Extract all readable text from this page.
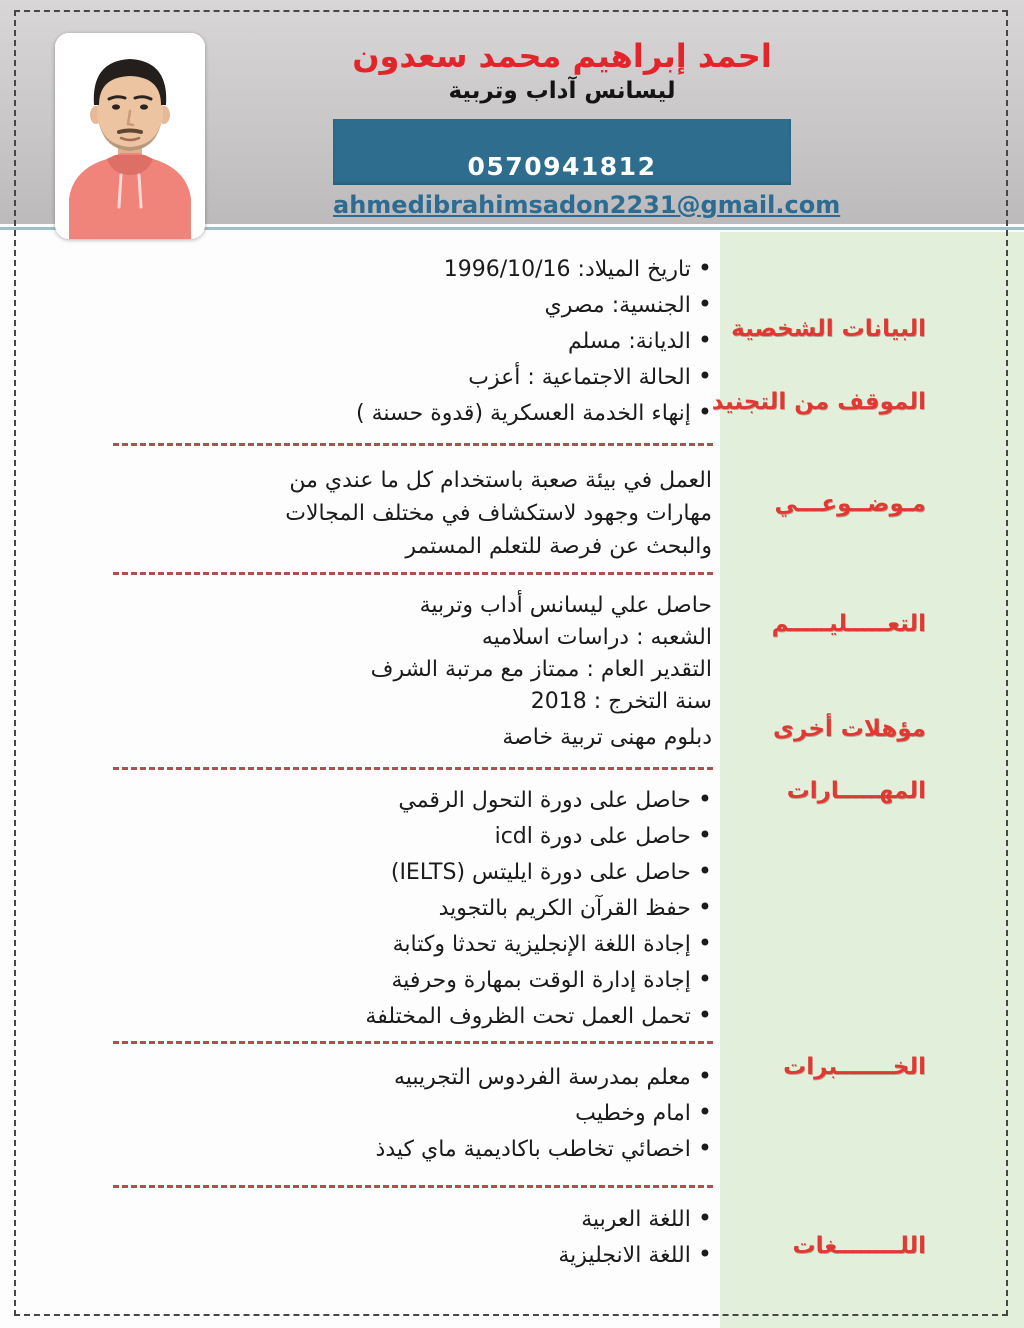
احمد إبراهيم محمد سعدون
ليسانس آداب وتربية
0570941812
ahmedibrahimsadon2231@gmail.com
البيانات الشخصية
الموقف من التجنيد
مـوضــوعـــي
التعـــــليـــــم
مؤهلات أخرى
المهـــــارات
الخـــــــبرات
اللــــــــغات
• تاريخ الميلاد: 1996/10/16
• الجنسية: مصري
• الديانة: مسلم
• الحالة الاجتماعية : أعزب
• إنهاء الخدمة العسكرية (قدوة حسنة )
العمل في بيئة صعبة باستخدام كل ما عندي من
مهارات وجهود لاستكشاف في مختلف المجالات
والبحث عن فرصة للتعلم المستمر
حاصل علي ليسانس أداب وتربية
الشعبه : دراسات اسلاميه
التقدير العام : ممتاز مع مرتبة الشرف
سنة التخرج : 2018
دبلوم مهنى تربية خاصة
• حاصل على دورة التحول الرقمي
• حاصل على دورة icdl
• حاصل على دورة ايليتس (IELTS)
• حفظ القرآن الكريم بالتجويد
• إجادة اللغة الإنجليزية تحدثا وكتابة
• إجادة إدارة الوقت بمهارة وحرفية
• تحمل العمل تحت الظروف المختلفة
• معلم بمدرسة الفردوس التجريبيه
• امام وخطيب
• اخصائي تخاطب باكاديمية ماي كيدذ
• اللغة العربية
• اللغة الانجليزية
